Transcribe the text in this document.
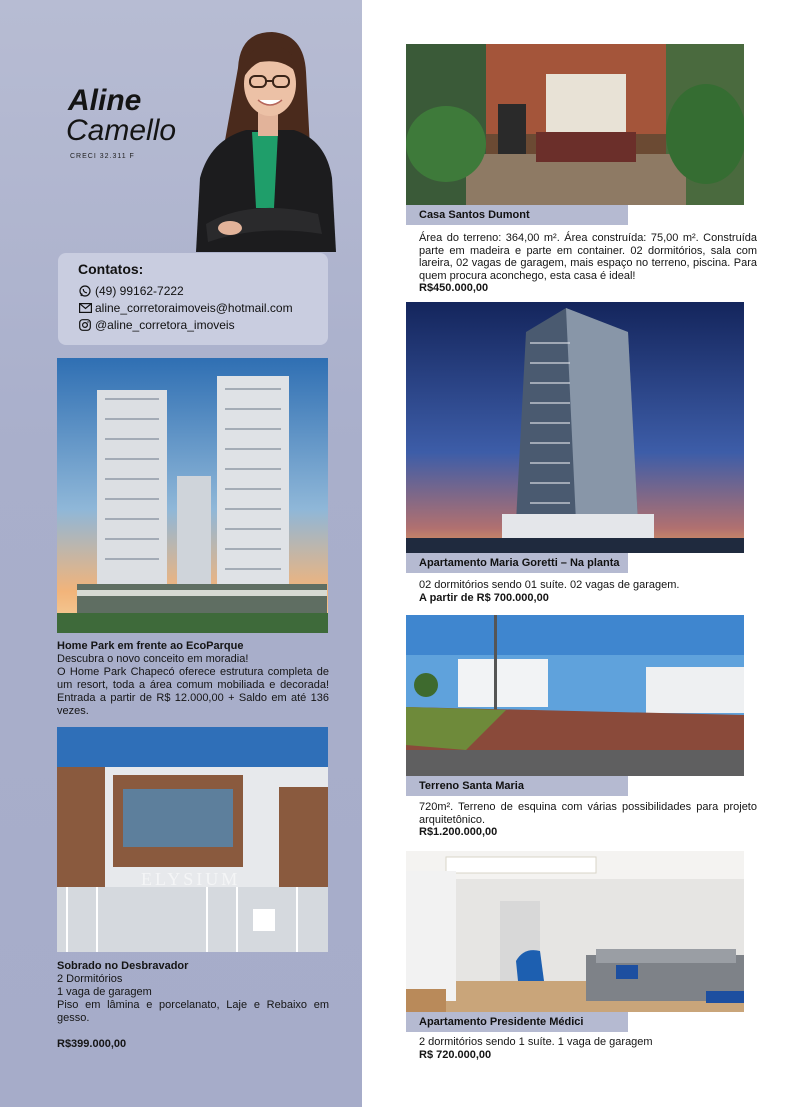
Aline
Camello
CRECI 32.311 F
Contatos:
(49) 99162-7222
aline_corretoraimoveis@hotmail.com
@aline_corretora_imoveis
Home Park em frente ao EcoParque
Descubra o novo conceito em moradia!
O Home Park Chapecó oferece estrutura completa de um resort, toda a área comum mobiliada e decorada! Entrada a partir de R$ 12.000,00 + Saldo em até 136 vezes.
ELYSIUM
Sobrado no Desbravador
2 Dormitórios
1 vaga de garagem
Piso em lâmina e porcelanato, Laje e Rebaixo em gesso.
R$399.000,00
Casa Santos Dumont
Área do terreno: 364,00 m². Área construída: 75,00 m². Construída parte em madeira e parte em container. 02 dormitórios, sala com lareira, 02 vagas de garagem, mais espaço no terreno, piscina. Para quem procura aconchego, esta casa é ideal!
R$450.000,00
Apartamento Maria Goretti – Na planta
02 dormitórios sendo 01 suíte. 02 vagas de garagem.
A partir de R$ 700.000,00
Terreno Santa Maria
720m². Terreno de esquina com várias possibilidades para projeto arquitetônico.
R$1.200.000,00
Apartamento Presidente Médici
2 dormitórios sendo 1 suíte. 1 vaga de garagem
R$ 720.000,00
